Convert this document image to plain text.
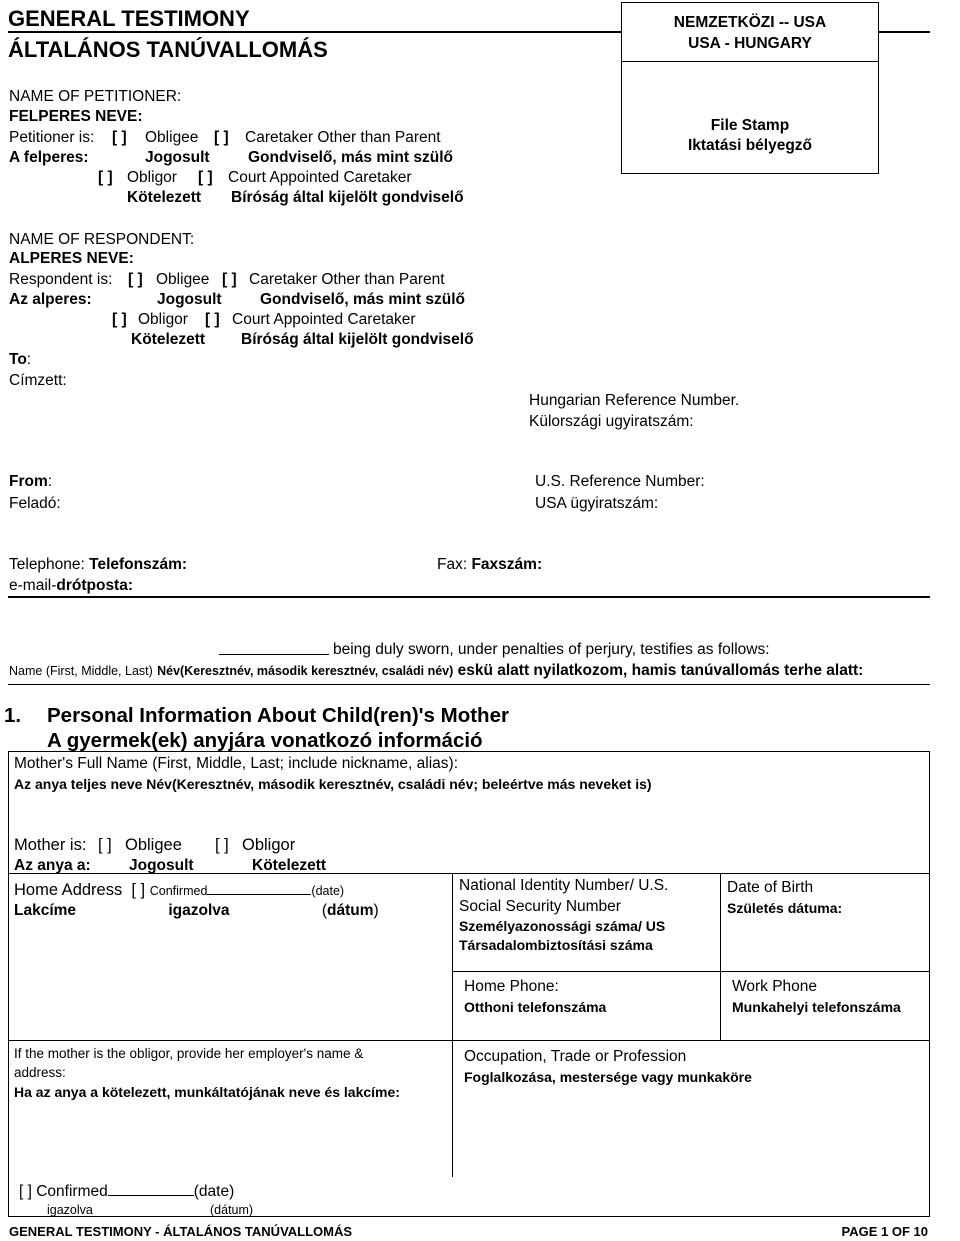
GENERAL TESTIMONY
ÁLTALÁNOS TANÚVALLOMÁS
NEMZETKÖZI -- USA
USA - HUNGARY
File Stamp
Iktatási bélyegző
NAME OF PETITIONER:
FELPERES NEVE:
Petitioner is: [ ] Obligee [ ] Caretaker Other than Parent
A felperes:	Jogosult Gondviselő, más mint szülő
[ ] Obligor [ ] Court Appointed Caretaker
Kötelezett Bíróság által kijelölt gondviselő
NAME OF RESPONDENT:
ALPERES NEVE:
Respondent is: [ ] Obligee [ ] Caretaker Other than Parent
Az alperes:	Jogosult Gondviselő, más mint szülő
[ ] Obligor [ ] Court Appointed Caretaker
Kötelezett Bíróság által kijelölt gondviselő
To:
Címzett:
Hungarian Reference Number.
Külországi ugyiratszám:
From:
Feladó:
U.S. Reference Number:
USA ügyiratszám:
Telephone: Telefonszám:	Fax: Faxszám:
e-mail-drótposta:
being duly sworn, under penalties of perjury, testifies as follows:
Name (First, Middle, Last) Név(Keresztnév, második keresztnév, családi név) eskü alatt nyilatkozom, hamis tanúvallomás terhe alatt:
1. Personal Information About Child(ren)'s Mother
A gyermek(ek) anyjára vonatkozó információ
Mother's Full Name (First, Middle, Last; include nickname, alias):
Az anya teljes neve Név(Keresztnév, második keresztnév, családi név; beleértve más neveket is)
Mother is: [ ] Obligee [ ] Obligor
Az anya a: Jogosult	Kötelezett
Home Address [ ] Confirmed	(date)
Lakcíme	igazolva	(dátum)
National Identity Number/ U.S.
Social Security Number
Személyazonossági száma/ US
Társadalombiztosítási száma
Date of Birth
Születés dátuma:
Home Phone:
Otthoni telefonszáma
Work Phone
Munkahelyi telefonszáma
If the mother is the obligor, provide her employer's name &
address:
Ha az anya a kötelezett, munkáltatójának neve és lakcíme:
Occupation, Trade or Profession
Foglalkozása, mestersége vagy munkaköre
[ ] Confirmed	(date)
igazolva	(dátum)
GENERAL TESTIMONY - ÁLTALÁNOS TANÚVALLOMÁS	PAGE 1 OF 10
